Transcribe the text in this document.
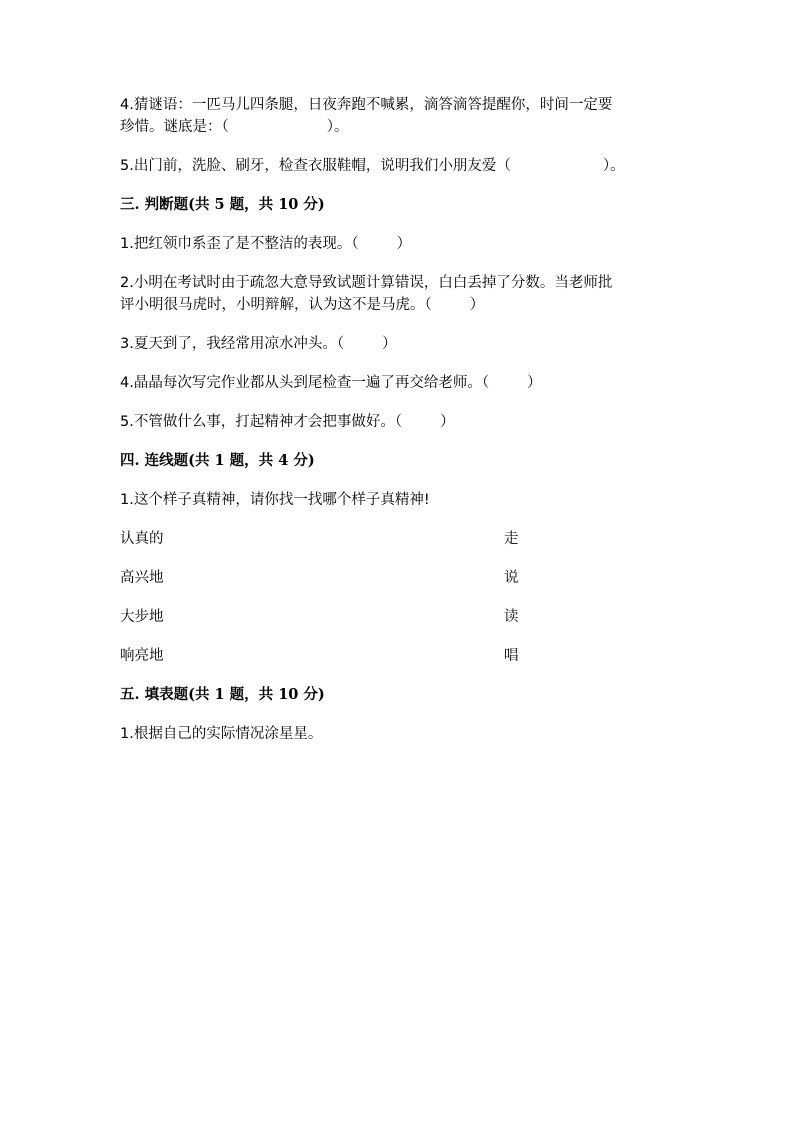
4.猜谜语：一匹马儿四条腿，日夜奔跑不喊累，滴答滴答提醒你，时间一定要
珍惜。谜底是：（	）。
5.出门前，洗脸、刷牙，检查衣服鞋帽，说明我们小朋友爱（	）。
三. 判断题(共 5 题，共 10 分)
1.把红领巾系歪了是不整洁的表现。（	）
2.小明在考试时由于疏忽大意导致试题计算错误，白白丢掉了分数。当老师批
评小明很马虎时，小明辩解，认为这不是马虎。（	）
3.夏天到了，我经常用凉水冲头。（	）
4.晶晶每次写完作业都从头到尾检查一遍了再交给老师。（	）
5.不管做什么事，打起精神才会把事做好。（	）
四. 连线题(共 1 题，共 4 分)
1.这个样子真精神，请你找一找哪个样子真精神!
认真的	走
高兴地	说
大步地	读
响亮地	唱
五. 填表题(共 1 题，共 10 分)
1.根据自己的实际情况涂星星。
